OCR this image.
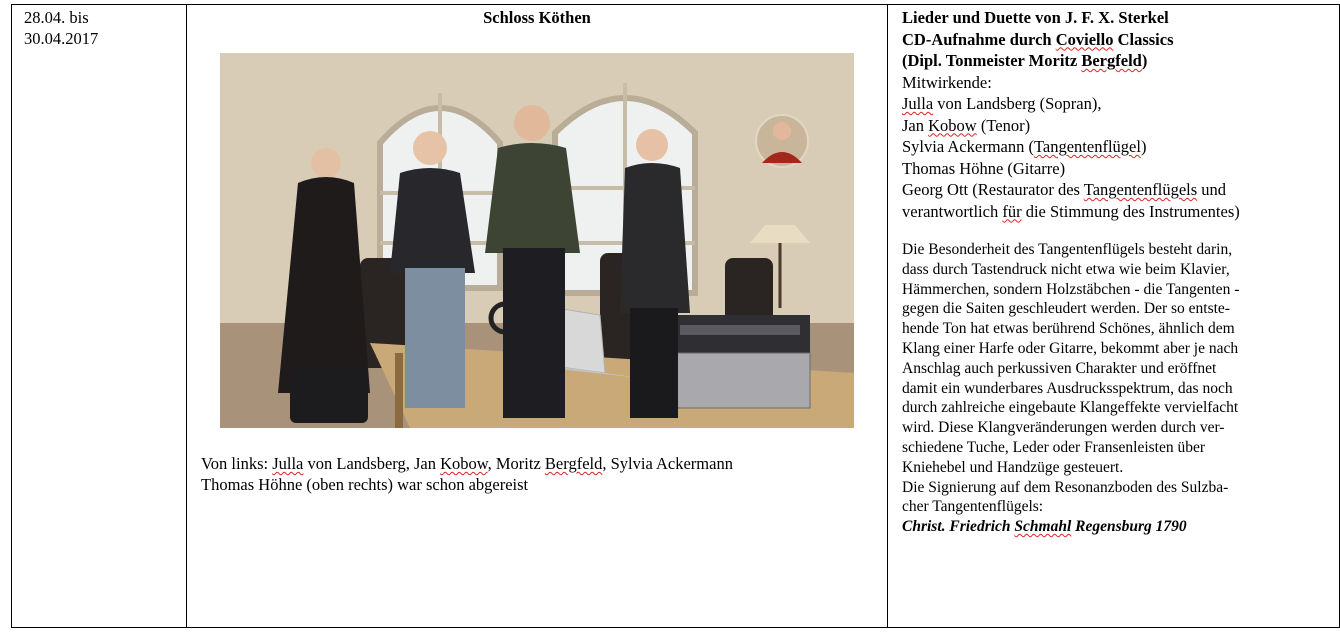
28.04. bis
30.04.2017

Schloss Köthen
Von links: Julla von Landsberg, Jan Kobow, Moritz Bergfeld, Sylvia Ackermann
Thomas Höhne (oben rechts) war schon abgereist

Lieder und Duette von J. F. X. Sterkel
CD-Aufnahme durch Coviello Classics
(Dipl. Tonmeister Moritz Bergfeld)
Mitwirkende:
Julla von Landsberg (Sopran),
Jan Kobow (Tenor)
Sylvia Ackermann (Tangentenflügel)
Thomas Höhne (Gitarre)
Georg Ott (Restaurator des Tangentenflügels und
verantwortlich für die Stimmung des Instrumentes)
Die Besonderheit des Tangentenflügels besteht darin,
dass durch Tastendruck nicht etwa wie beim Klavier,
Hämmerchen, sondern Holzstäbchen - die Tangenten -
gegen die Saiten geschleudert werden. Der so entste-
hende Ton hat etwas berührend Schönes, ähnlich dem
Klang einer Harfe oder Gitarre, bekommt aber je nach
Anschlag auch perkussiven Charakter und eröffnet
damit ein wunderbares Ausdrucksspektrum, das noch
durch zahlreiche eingebaute Klangeffekte vervielfacht
wird. Diese Klangveränderungen werden durch ver-
schiedene Tuche, Leder oder Fransenleisten über
Kniehebel und Handzüge gesteuert.
Die Signierung auf dem Resonanzboden des Sulzba-
cher Tangentenflügels:
Christ. Friedrich Schmahl Regensburg 1790
